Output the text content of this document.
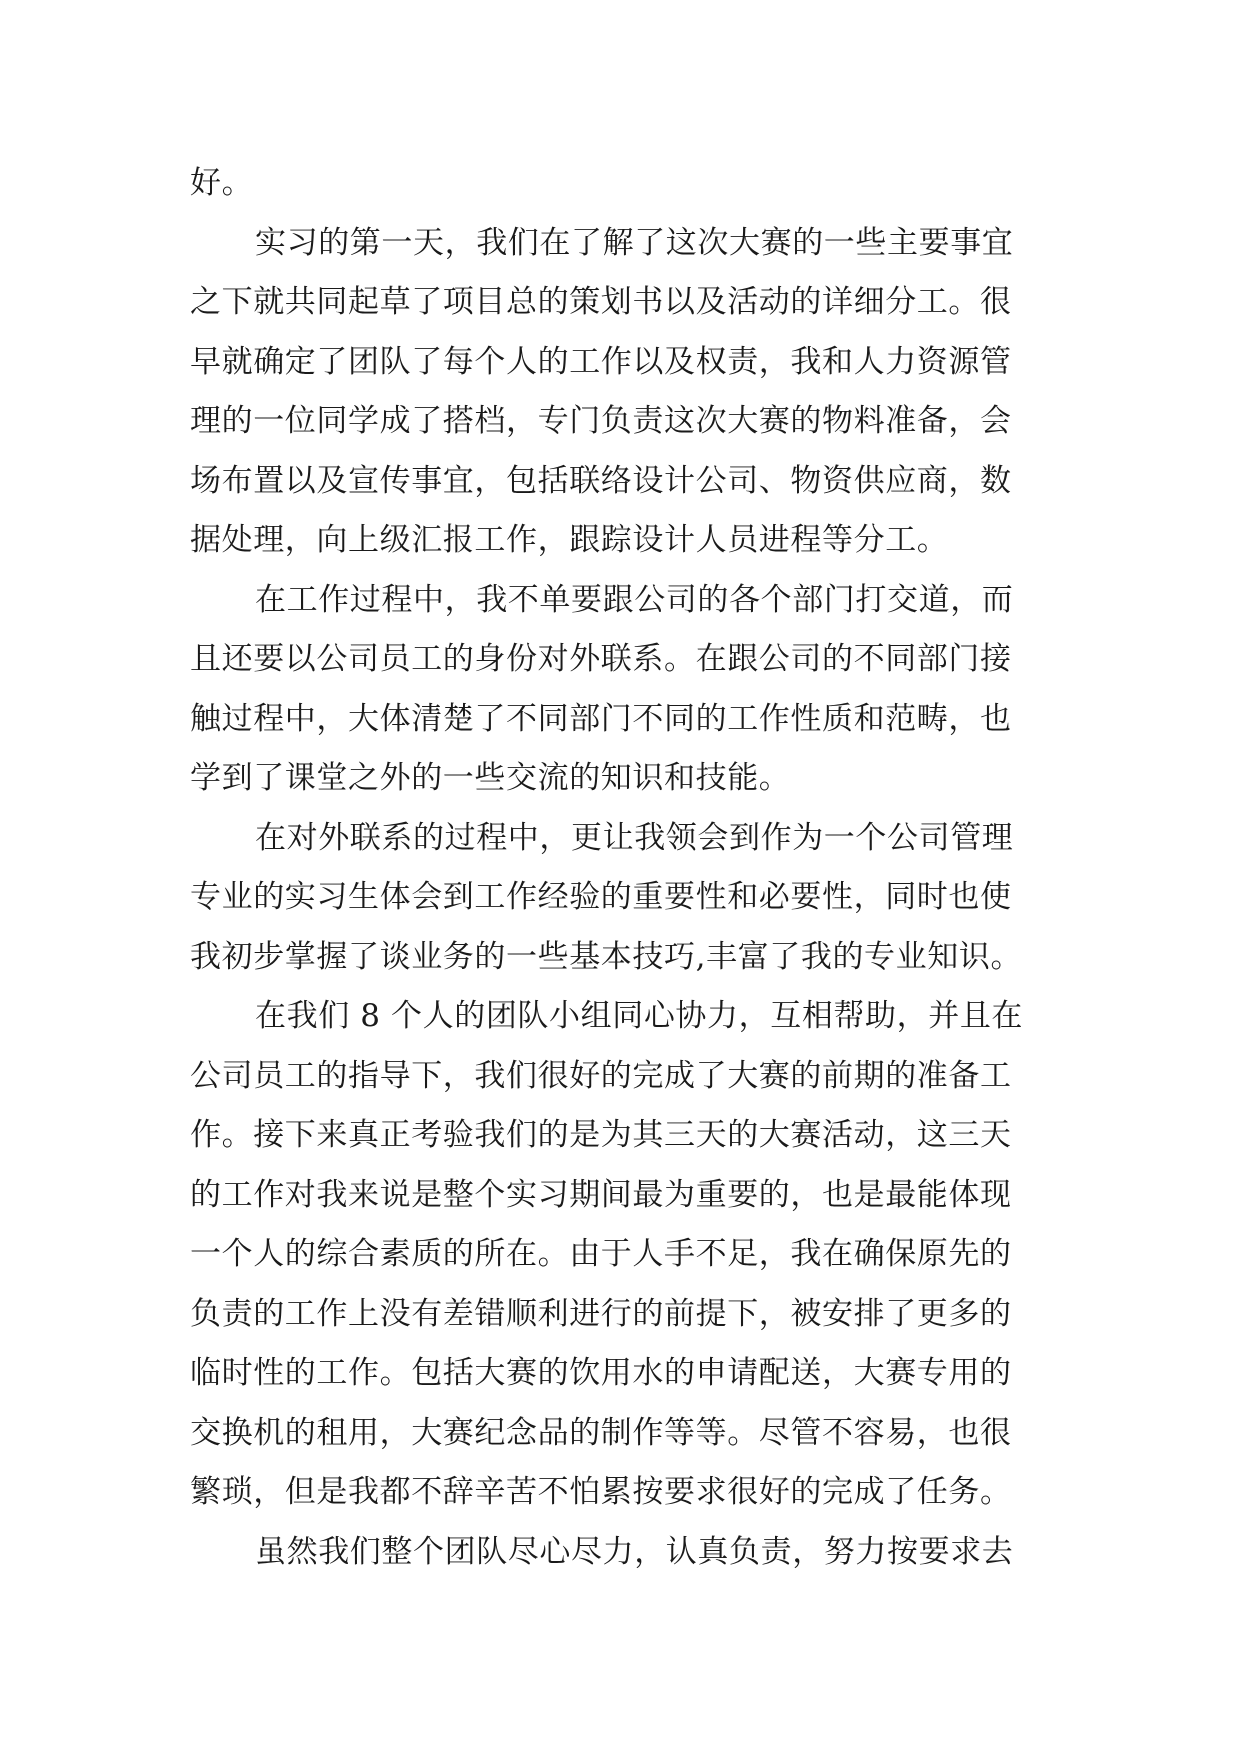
好。
实习的第一天，我们在了解了这次大赛的一些主要事宜
之下就共同起草了项目总的策划书以及活动的详细分工。很
早就确定了团队了每个人的工作以及权责，我和人力资源管
理的一位同学成了搭档，专门负责这次大赛的物料准备，会
场布置以及宣传事宜，包括联络设计公司、物资供应商，数
据处理，向上级汇报工作，跟踪设计人员进程等分工。
在工作过程中，我不单要跟公司的各个部门打交道，而
且还要以公司员工的身份对外联系。在跟公司的不同部门接
触过程中，大体清楚了不同部门不同的工作性质和范畴，也
学到了课堂之外的一些交流的知识和技能。
在对外联系的过程中，更让我领会到作为一个公司管理
专业的实习生体会到工作经验的重要性和必要性，同时也使
我初步掌握了谈业务的一些基本技巧,丰富了我的专业知识。
在我们 8 个人的团队小组同心协力，互相帮助，并且在
公司员工的指导下，我们很好的完成了大赛的前期的准备工
作。接下来真正考验我们的是为其三天的大赛活动，这三天
的工作对我来说是整个实习期间最为重要的，也是最能体现
一个人的综合素质的所在。由于人手不足，我在确保原先的
负责的工作上没有差错顺利进行的前提下，被安排了更多的
临时性的工作。包括大赛的饮用水的申请配送，大赛专用的
交换机的租用，大赛纪念品的制作等等。尽管不容易，也很
繁琐，但是我都不辞辛苦不怕累按要求很好的完成了任务。
虽然我们整个团队尽心尽力，认真负责，努力按要求去
